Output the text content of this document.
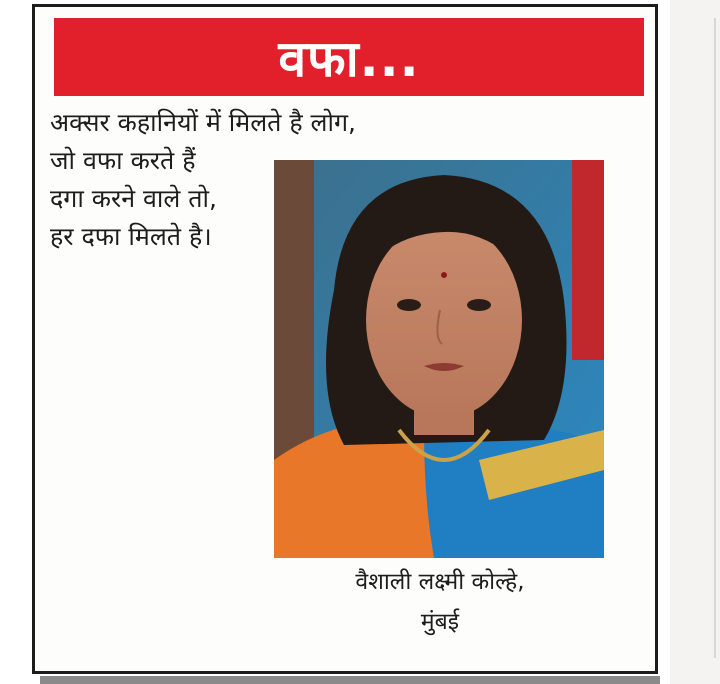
वफा...
अक्सर कहानियों में मिलते है लोग,
जो वफा करते हैं
दगा करने वाले तो,
हर दफा मिलते है।
वैशाली लक्ष्मी कोल्हे,
मुंबई
